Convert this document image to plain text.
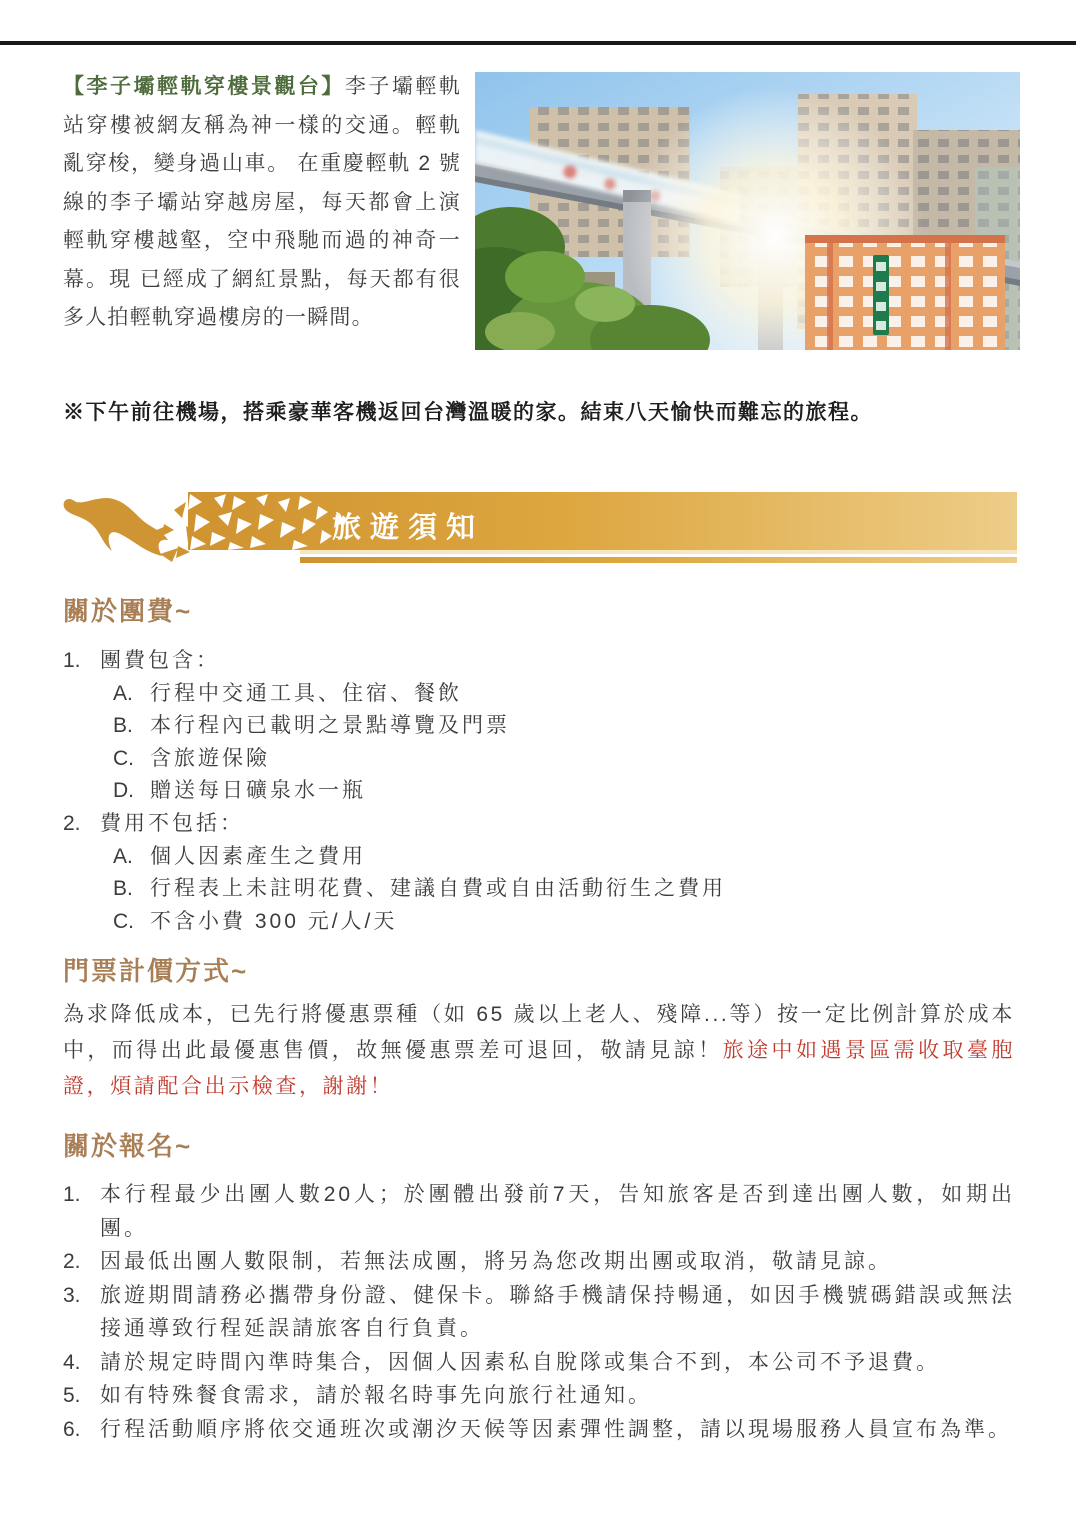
【李子壩輕軌穿樓景觀台】李子壩輕軌站穿樓被網友稱為神一樣的交通。輕軌亂穿梭，變身過山車。 在重慶輕軌 2 號線的李子壩站穿越房屋，每天都會上演輕軌穿樓越壑，空中飛馳而過的神奇一幕。現 已經成了網紅景點，每天都有很多人拍輕軌穿過樓房的一瞬間。
※下午前往機場，搭乘豪華客機返回台灣溫暖的家。結束八天愉快而難忘的旅程。
旅遊須知
關於團費~
1. 團費包含：
A. 行程中交通工具、住宿、餐飲
B. 本行程內已載明之景點導覽及門票
C. 含旅遊保險
D. 贈送每日礦泉水一瓶
2. 費用不包括：
A. 個人因素產生之費用
B. 行程表上未註明花費、建議自費或自由活動衍生之費用
C. 不含小費 300 元/人/天
門票計價方式~
為求降低成本，已先行將優惠票種（如 65 歲以上老人、殘障...等）按一定比例計算於成本中，而得出此最優惠售價，故無優惠票差可退回，敬請見諒！旅途中如遇景區需收取臺胞證，煩請配合出示檢查，謝謝！
關於報名~
1. 本行程最少出團人數20人；於團體出發前7天，告知旅客是否到達出團人數，如期出團。
2. 因最低出團人數限制，若無法成團，將另為您改期出團或取消，敬請見諒。
3. 旅遊期間請務必攜帶身份證、健保卡。聯絡手機請保持暢通，如因手機號碼錯誤或無法接通導致行程延誤請旅客自行負責。
4. 請於規定時間內準時集合，因個人因素私自脫隊或集合不到，本公司不予退費。
5. 如有特殊餐食需求，請於報名時事先向旅行社通知。
6. 行程活動順序將依交通班次或潮汐天候等因素彈性調整，請以現場服務人員宣布為準。
